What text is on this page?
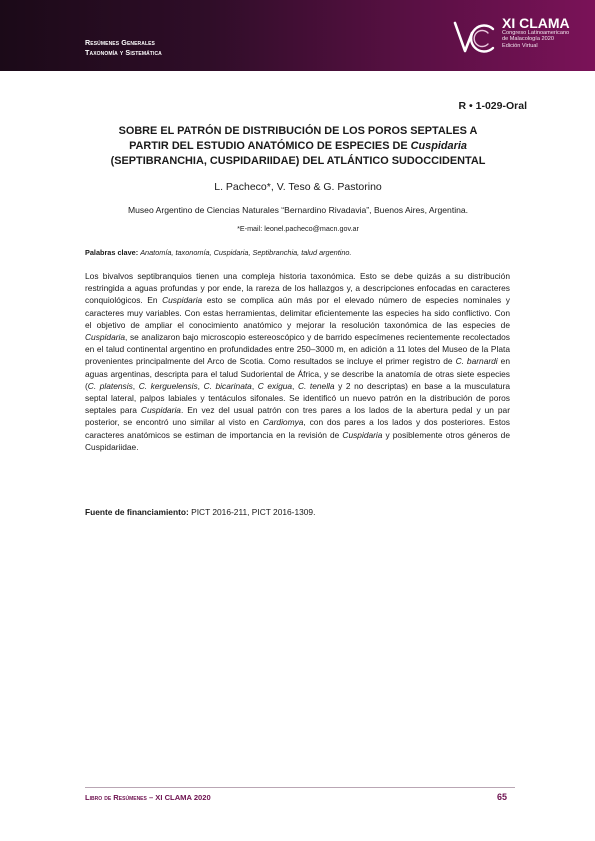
Resúmenes Generales
Taxonomía y Sistemática
XI CLAMA
Congreso Latinoamericano
de Malacología 2020
Edición Virtual
R • 1-029-Oral
SOBRE EL PATRÓN DE DISTRIBUCIÓN DE LOS POROS SEPTALES A
PARTIR DEL ESTUDIO ANATÓMICO DE ESPECIES DE Cuspidaria
(SEPTIBRANCHIA, CUSPIDARIIDAE) DEL ATLÁNTICO SUDOCCIDENTAL
L. Pacheco*, V. Teso & G. Pastorino
Museo Argentino de Ciencias Naturales “Bernardino Rivadavia”, Buenos Aires, Argentina.
*E-mail: leonel.pacheco@macn.gov.ar
Palabras clave: Anatomía, taxonomía, Cuspidaria, Septibranchia, talud argentino.
Los bivalvos septibranquios tienen una compleja historia taxonómica. Esto se debe quizás a su distribución restringida a aguas profundas y por ende, la rareza de los hallazgos y, a descripciones enfocadas en caracteres conquiológicos. En Cuspidaria esto se complica aún más por el elevado número de especies nominales y caracteres muy variables. Con estas herramientas, delimitar eficientemente las especies ha sido conflictivo. Con el objetivo de ampliar el conocimiento anatómico y mejorar la resolución taxonómica de las especies de Cuspidaria, se analizaron bajo microscopio estereoscópico y de barrido especímenes recientemente recolectados en el talud continental argentino en profundidades entre 250–3000 m, en adición a 11 lotes del Museo de la Plata provenientes principalmente del Arco de Scotia. Como resultados se incluye el primer registro de C. barnardi en aguas argentinas, descripta para el talud Sudoriental de África, y se describe la anatomía de otras siete especies (C. platensis, C. kerguelensis, C. bicarinata, C exigua, C. tenella y 2 no descriptas) en base a la musculatura septal lateral, palpos labiales y tentáculos sifonales. Se identificó un nuevo patrón en la distribución de poros septales para Cuspidaria. En vez del usual patrón con tres pares a los lados de la abertura pedal y un par posterior, se encontró uno similar al visto en Cardiomya, con dos pares a los lados y dos posteriores. Estos caracteres anatómicos se estiman de importancia en la revisión de Cuspidaria y posiblemente otros géneros de Cuspidariidae.
Fuente de financiamiento: PICT 2016-211, PICT 2016-1309.
Libro de Resúmenes – XI CLAMA 2020	65
